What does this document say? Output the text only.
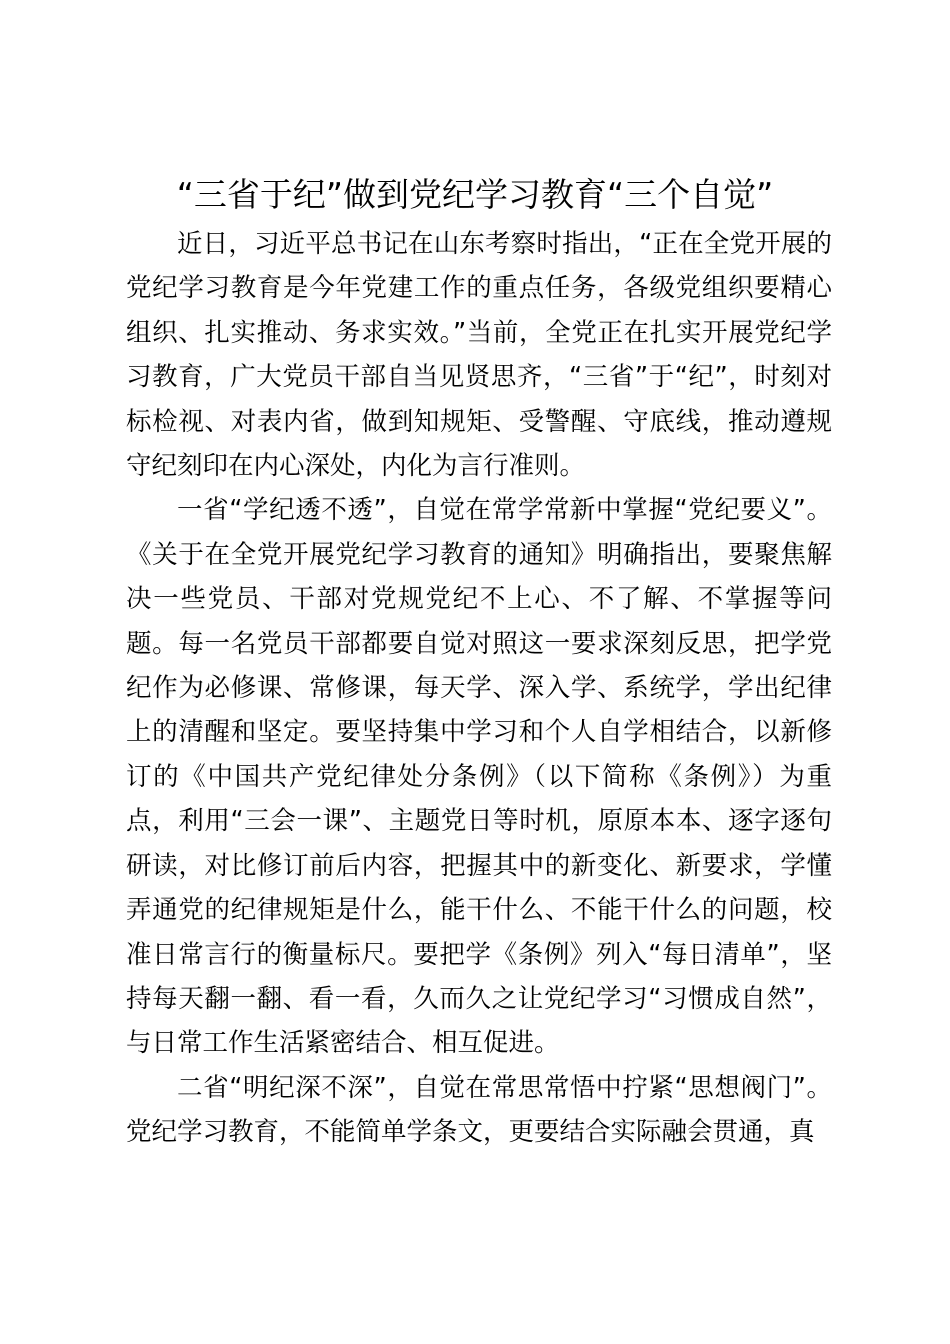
“三省于纪”做到党纪学习教育“三个自觉”

近日，习近平总书记在山东考察时指出，“正在全党开展的党纪学习教育是今年党建工作的重点任务，各级党组织要精心组织、扎实推动、务求实效。”当前，全党正在扎实开展党纪学习教育，广大党员干部自当见贤思齐，“三省”于“纪”，时刻对标检视、对表内省，做到知规矩、受警醒、守底线，推动遵规守纪刻印在内心深处，内化为言行准则。

一省“学纪透不透”，自觉在常学常新中掌握“党纪要义”。《关于在全党开展党纪学习教育的通知》明确指出，要聚焦解决一些党员、干部对党规党纪不上心、不了解、不掌握等问题。每一名党员干部都要自觉对照这一要求深刻反思，把学党纪作为必修课、常修课，每天学、深入学、系统学，学出纪律上的清醒和坚定。要坚持集中学习和个人自学相结合，以新修订的《中国共产党纪律处分条例》（以下简称《条例》）为重点，利用“三会一课”、主题党日等时机，原原本本、逐字逐句研读，对比修订前后内容，把握其中的新变化、新要求，学懂弄通党的纪律规矩是什么，能干什么、不能干什么的问题，校准日常言行的衡量标尺。要把学《条例》列入“每日清单”，坚持每天翻一翻、看一看，久而久之让党纪学习“习惯成自然”，与日常工作生活紧密结合、相互促进。

二省“明纪深不深”，自觉在常思常悟中拧紧“思想阀门”。党纪学习教育，不能简单学条文，更要结合实际融会贯通，真
